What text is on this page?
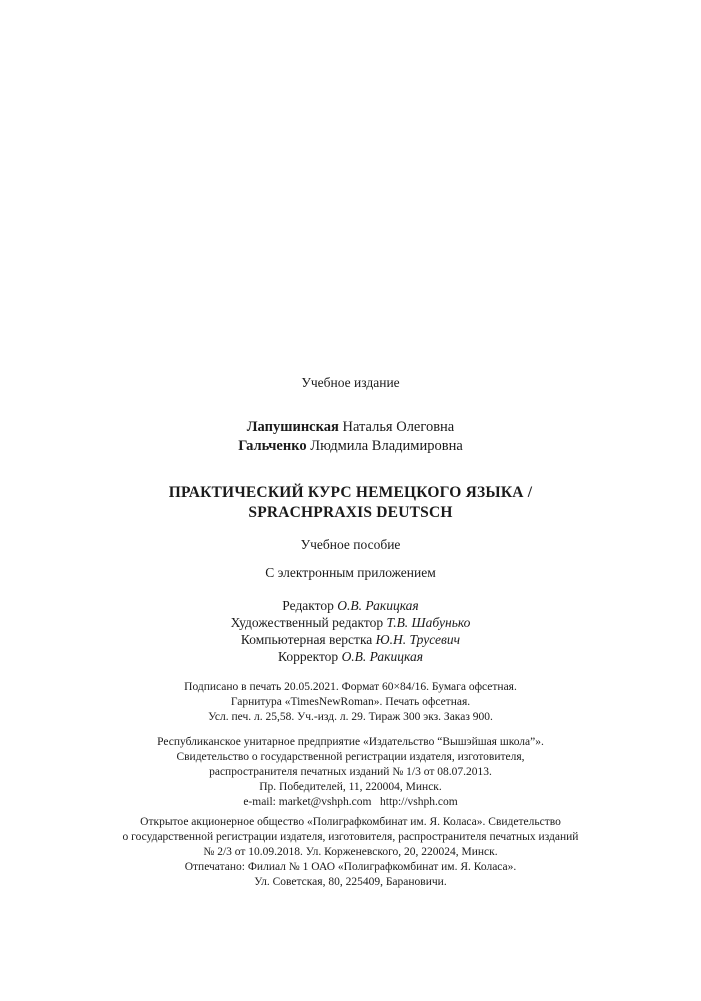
Учебное издание
Лапушинская Наталья Олеговна
Гальченко Людмила Владимировна
ПРАКТИЧЕСКИЙ КУРС НЕМЕЦКОГО ЯЗЫКА /
SPRACHPRAXIS DEUTSCH
Учебное пособие
С электронным приложением
Редактор О.В. Ракицкая
Художественный редактор Т.В. Шабунько
Компьютерная верстка Ю.Н. Трусевич
Корректор О.В. Ракицкая
Подписано в печать 20.05.2021. Формат 60×84/16. Бумага офсетная.
Гарнитура «TimesNewRoman». Печать офсетная.
Усл. печ. л. 25,58. Уч.-изд. л. 29. Тираж 300 экз. Заказ 900.
Республиканское унитарное предприятие «Издательство “Вышэйшая школа”».
Свидетельство о государственной регистрации издателя, изготовителя,
распространителя печатных изданий № 1/3 от 08.07.2013.
Пр. Победителей, 11, 220004, Минск.
e-mail: market@vshph.com   http://vshph.com
Открытое акционерное общество «Полиграфкомбинат им. Я. Коласа». Свидетельство
о государственной регистрации издателя, изготовителя, распространителя печатных изданий
№ 2/3 от 10.09.2018. Ул. Корженевского, 20, 220024, Минск.
Отпечатано: Филиал № 1 ОАО «Полиграфкомбинат им. Я. Коласа».
Ул. Советская, 80, 225409, Барановичи.
